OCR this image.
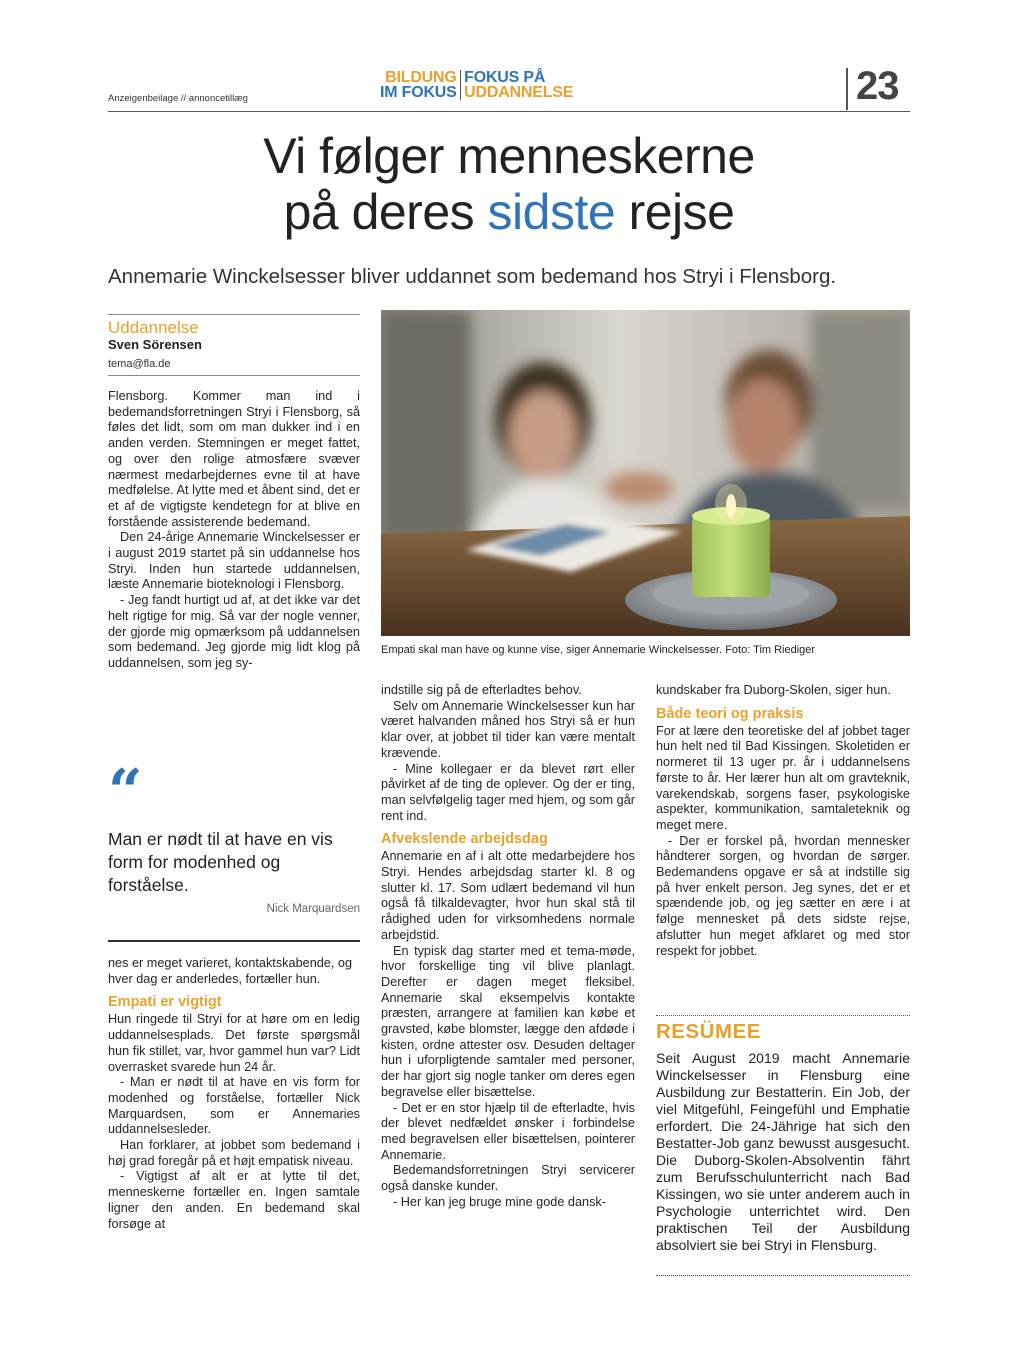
Anzeigenbeilage // annoncetillæg
BILDUNG
IM FOKUS
FOKUS PÅ
UDDANNELSE	23
Vi følger menneskerne
på deres sidste rejse
Annemarie Winckelsesser bliver uddannet som bedemand hos Stryi i Flensborg.
Uddannelse
Sven Sörensen
tema@fla.de

Flensborg. Kommer man ind i bedemandsforretningen Stryi i Flensborg, så føles det lidt, som om man dukker ind i en anden verden. Stemningen er meget fattet, og over den rolige atmosfære svæver nærmest medarbejdernes evne til at have medfølelse. At lytte med et åbent sind, det er et af de vigtigste kendetegn for at blive en forstående assisterende bedemand.

Den 24-årige Annemarie Winckelsesser er i august 2019 startet på sin uddannelse hos Stryi. Inden hun startede uddannelsen, læste Annemarie bioteknologi i Flensborg.

- Jeg fandt hurtigt ud af, at det ikke var det helt rigtige for mig. Så var der nogle venner, der gjorde mig opmærksom på uddannelsen som bedemand. Jeg gjorde mig lidt klog på uddannelsen, som jeg sy-

“
Man er nødt til at have en vis form for modenhed og forståelse.
Nick Marquardsen

nes er meget varieret, kontaktskabende, og hver dag er anderledes, fortæller hun.

Empati er vigtigt

Hun ringede til Stryi for at høre om en ledig uddannelsesplads. Det første spørgsmål hun fik stillet, var, hvor gammel hun var? Lidt overrasket svarede hun 24 år.

- Man er nødt til at have en vis form for modenhed og forståelse, fortæller Nick Marquardsen, som er Annemaries uddannelsesleder.

Han forklarer, at jobbet som bedemand i høj grad foregår på et højt empatisk niveau.

- Vigtigst af alt er at lytte til det, menneskerne fortæller en. Ingen samtale ligner den anden. En bedemand skal forsøge at

Empati skal man have og kunne vise, siger Annemarie Winckelsesser. Foto: Tim Riediger

indstille sig på de efterladtes behov.

Selv om Annemarie Winckelsesser kun har været halvanden måned hos Stryi så er hun klar over, at jobbet til tider kan være mentalt krævende.

- Mine kollegaer er da blevet rørt eller påvirket af de ting de oplever. Og der er ting, man selvfølgelig tager med hjem, og som går rent ind.

Afvekslende arbejdsdag

Annemarie en af i alt otte medarbejdere hos Stryi. Hendes arbejdsdag starter kl. 8 og slutter kl. 17. Som udlært bedemand vil hun også få tilkaldevagter, hvor hun skal stå til rådighed uden for virksomhedens normale arbejdstid.

En typisk dag starter med et tema-møde, hvor forskellige ting vil blive planlagt. Derefter er dagen meget fleksibel. Annemarie skal eksempelvis kontakte præsten, arrangere at familien kan købe et gravsted, købe blomster, lægge den afdøde i kisten, ordne attester osv. Desuden deltager hun i uforpligtende samtaler med personer, der har gjort sig nogle tanker om deres egen begravelse eller bisættelse.

- Det er en stor hjælp til de efterladte, hvis der blevet nedfældet ønsker i forbindelse med begravelsen eller bisættelsen, pointerer Annemarie.

Bedemandsforretningen Stryi servicerer også danske kunder.

- Her kan jeg bruge mine gode dansk-

kundskaber fra Duborg-Skolen, siger hun.

Både teori og praksis

For at lære den teoretiske del af jobbet tager hun helt ned til Bad Kissingen. Skoletiden er normeret til 13 uger pr. år i uddannelsens første to år. Her lærer hun alt om gravteknik, varekendskab, sorgens faser, psykologiske aspekter, kommunikation, samtaleteknik og meget mere.

- Der er forskel på, hvordan mennesker håndterer sorgen, og hvordan de sørger. Bedemandens opgave er så at indstille sig på hver enkelt person. Jeg synes, det er et spændende job, og jeg sætter en ære i at følge mennesket på dets sidste rejse, afslutter hun meget afklaret og med stor respekt for jobbet.

RESÜMEE
Seit August 2019 macht Annemarie Winckelsesser in Flensburg eine Ausbildung zur Bestatterin. Ein Job, der viel Mitgefühl, Feingefühl und Emphatie erfordert. Die 24-Jährige hat sich den Bestatter-Job ganz bewusst ausgesucht. Die Duborg-Skolen-Absolventin fährt zum Berufsschulunterricht nach Bad Kissingen, wo sie unter anderem auch in Psychologie unterrichtet wird. Den praktischen Teil der Ausbildung absolviert sie bei Stryi in Flensburg.
